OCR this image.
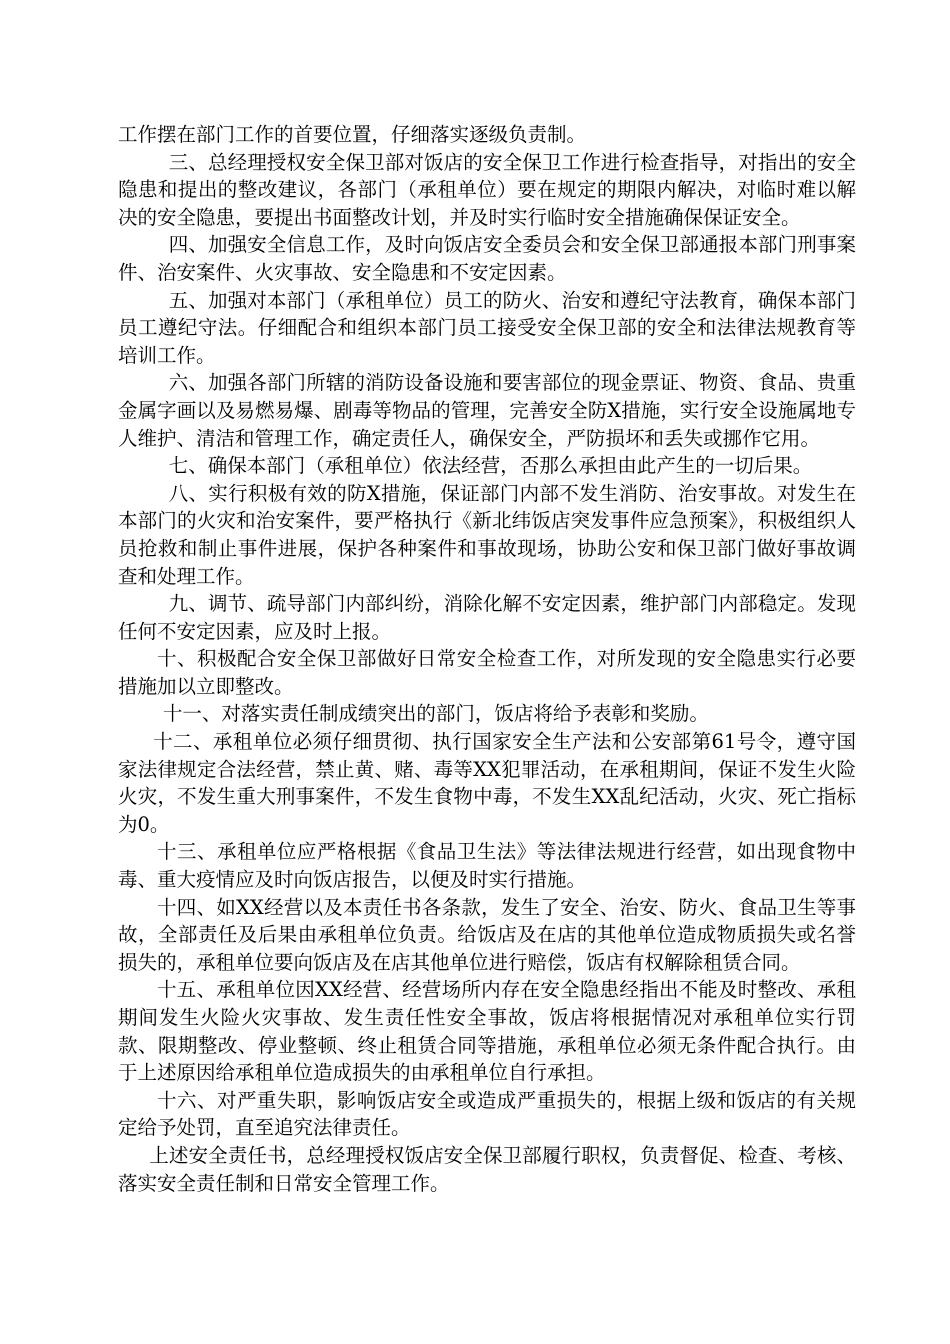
工作摆在部门工作的首要位置，仔细落实逐级负责制。

三、总经理授权安全保卫部对饭店的安全保卫工作进行检查指导，对指出的安全隐患和提出的整改建议，各部门（承租单位）要在规定的期限内解决，对临时难以解决的安全隐患，要提出书面整改计划，并及时实行临时安全措施确保保证安全。

四、加强安全信息工作，及时向饭店安全委员会和安全保卫部通报本部门刑事案件、治安案件、火灾事故、安全隐患和不安定因素。

五、加强对本部门（承租单位）员工的防火、治安和遵纪守法教育，确保本部门员工遵纪守法。仔细配合和组织本部门员工接受安全保卫部的安全和法律法规教育等培训工作。

六、加强各部门所辖的消防设备设施和要害部位的现金票证、物资、食品、贵重金属字画以及易燃易爆、剧毒等物品的管理，完善安全防X措施，实行安全设施属地专人维护、清洁和管理工作，确定责任人，确保安全，严防损坏和丢失或挪作它用。

七、确保本部门（承租单位）依法经营，否那么承担由此产生的一切后果。

八、实行积极有效的防X措施，保证部门内部不发生消防、治安事故。对发生在本部门的火灾和治安案件，要严格执行《新北纬饭店突发事件应急预案》，积极组织人员抢救和制止事件进展，保护各种案件和事故现场，协助公安和保卫部门做好事故调查和处理工作。

九、调节、疏导部门内部纠纷，消除化解不安定因素，维护部门内部稳定。发现任何不安定因素，应及时上报。

十、积极配合安全保卫部做好日常安全检查工作，对所发现的安全隐患实行必要措施加以立即整改。

十一、对落实责任制成绩突出的部门，饭店将给予表彰和奖励。

十二、承租单位必须仔细贯彻、执行国家安全生产法和公安部第61号令，遵守国家法律规定合法经营，禁止黄、赌、毒等XX犯罪活动，在承租期间，保证不发生火险火灾，不发生重大刑事案件，不发生食物中毒，不发生XX乱纪活动，火灾、死亡指标为0。

十三、承租单位应严格根据《食品卫生法》等法律法规进行经营，如出现食物中毒、重大疫情应及时向饭店报告，以便及时实行措施。

十四、如XX经营以及本责任书各条款，发生了安全、治安、防火、食品卫生等事故，全部责任及后果由承租单位负责。给饭店及在店的其他单位造成物质损失或名誉损失的，承租单位要向饭店及在店其他单位进行赔偿，饭店有权解除租赁合同。

十五、承租单位因XX经营、经营场所内存在安全隐患经指出不能及时整改、承租期间发生火险火灾事故、发生责任性安全事故，饭店将根据情况对承租单位实行罚款、限期整改、停业整顿、终止租赁合同等措施，承租单位必须无条件配合执行。由于上述原因给承租单位造成损失的由承租单位自行承担。

十六、对严重失职，影响饭店安全或造成严重损失的，根据上级和饭店的有关规定给予处罚，直至追究法律责任。

上述安全责任书，总经理授权饭店安全保卫部履行职权，负责督促、检查、考核、落实安全责任制和日常安全管理工作。
